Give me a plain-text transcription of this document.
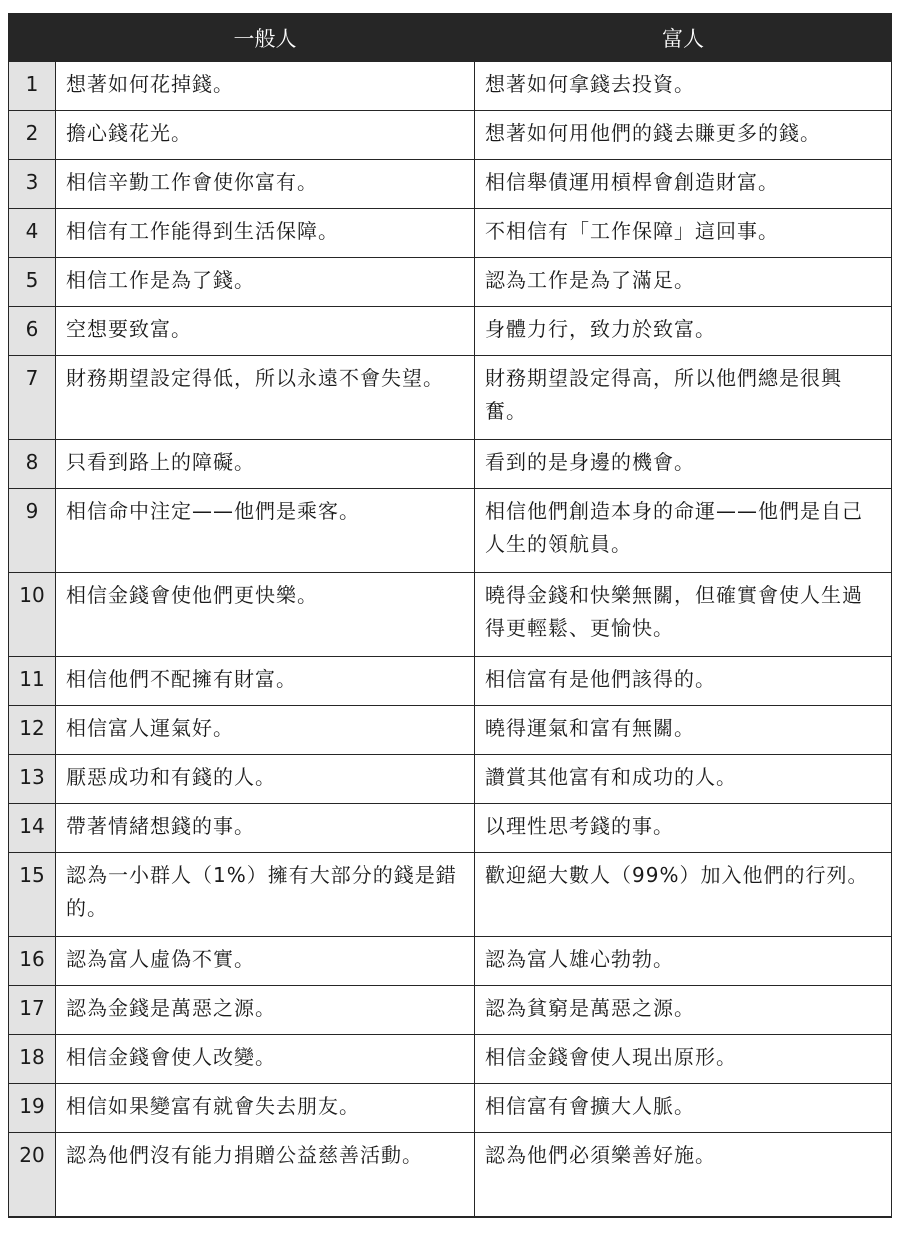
	一般人	富人
1	想著如何花掉錢。	想著如何拿錢去投資。

2	擔心錢花光。	想著如何用他們的錢去賺更多的錢。

3	相信辛勤工作會使你富有。	相信舉債運用槓桿會創造財富。

4	相信有工作能得到生活保障。	不相信有「工作保障」這回事。

5	相信工作是為了錢。	認為工作是為了滿足。

6	空想要致富。	身體力行，致力於致富。

7	財務期望設定得低，所以永遠不會失望。	財務期望設定得高，所以他們總是很興奮。

8	只看到路上的障礙。	看到的是身邊的機會。

9	相信命中注定——他們是乘客。	相信他們創造本身的命運——他們是自己人生的領航員。

10	相信金錢會使他們更快樂。	曉得金錢和快樂無關，但確實會使人生過得更輕鬆、更愉快。

11	相信他們不配擁有財富。	相信富有是他們該得的。

12	相信富人運氣好。	曉得運氣和富有無關。

13	厭惡成功和有錢的人。	讚賞其他富有和成功的人。

14	帶著情緒想錢的事。	以理性思考錢的事。

15	認為一小群人（1%）擁有大部分的錢是錯的。	歡迎絕大數人（99%）加入他們的行列。

16	認為富人虛偽不實。	認為富人雄心勃勃。

17	認為金錢是萬惡之源。	認為貧窮是萬惡之源。

18	相信金錢會使人改變。	相信金錢會使人現出原形。

19	相信如果變富有就會失去朋友。	相信富有會擴大人脈。

20	認為他們沒有能力捐贈公益慈善活動。	認為他們必須樂善好施。
